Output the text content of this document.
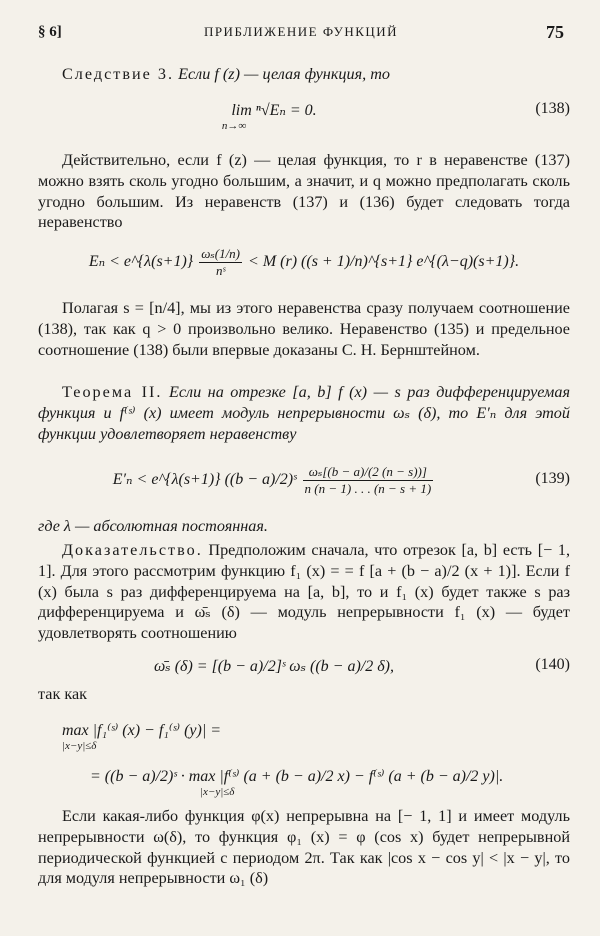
§ 6]	ПРИБЛИЖЕНИЕ ФУНКЦИЙ	75
Следствие 3. Если f (z) — целая функция, то
lim ⁿ√Eₙ = 0.
n→∞
(138)
Действительно, если f (z) — целая функция, то r в неравенстве (137) можно взять сколь угодно большим, а значит, и q можно предполагать сколь угодно большим. Из неравенств (137) и (136) будет следовать тогда неравенство
Eₙ < e^{λ(s+1)} $\frac{\text{ωₛ(1/n)}}{\text{nˢ}} < M$ (r) ((s + 1)/n)^{s+1} e^{(λ−q)(s+1)}.
Полагая s = [n/4], мы из этого неравенства сразу получаем соотношение (138), так как q > 0 произвольно велико. Неравенство (135) и предельное соотношение (138) были впервые доказаны С. Н. Бернштейном.
Теорема II. Если на отрезке [a, b] f (x) — s раз дифференцируемая функция и f⁽ˢ⁾ (x) имеет модуль непрерывности ωₛ (δ), то E′ₙ для этой функции удовлетворяет неравенству
E′ₙ < e^{λ(s+1)} ((b − a)/2)ˢ $\frac{\text{ωₛ[(b − a)/(2 (n − s))]}}{n (n - 1) . . . (n - s + 1)}$	(139)
где λ — абсолютная постоянная.
Доказательство. Предположим сначала, что отрезок [a, b] есть [− 1, 1]. Для этого рассмотрим функцию f₁ (x) = = f [a + (b − a)/2 (x + 1)]. Если f (x) была s раз дифференцируема на [a, b], то и f₁ (x) будет также s раз дифференцируема и ω̄ₛ (δ) — модуль непрерывности f₁ (x) — будет удовлетворять соотношению
ω̄ₛ (δ) = [(b − a)/2]ˢ ωₛ ((b − a)/2 δ),	(140)
так как
max |f₁⁽ˢ⁾ (x) − f₁⁽ˢ⁾ (y)| =
|x−y|≤δ
= ((b − a)/2)ˢ · max |f⁽ˢ⁾ (a + (b − a)/2 x) − f⁽ˢ⁾ (a + (b − a)/2 y)|.
|x−y|≤δ
Если какая-либо функция φ(x) непрерывна на [− 1, 1] и имеет модуль непрерывности ω(δ), то функция φ₁ (x) = φ (cos x) будет непрерывной периодической функцией с периодом 2π. Так как |cos x − cos y| < |x − y|, то для модуля непрерывности ω₁ (δ)
